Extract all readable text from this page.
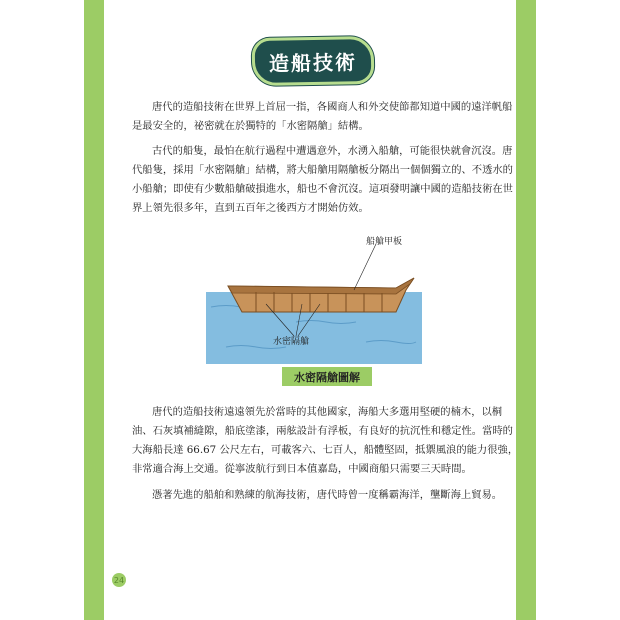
造船技術
唐代的造船技術在世界上首屈一指，各國商人和外交使節都知道中國的遠洋帆船
是最安全的，祕密就在於獨特的「水密隔艙」結構。
古代的船隻，最怕在航行過程中遭遇意外，水湧入船艙，可能很快就會沉沒。唐
代船隻，採用「水密隔艙」結構，將大船艙用隔艙板分隔出一個個獨立的、不透水的
小船艙；即使有少數船艙破損進水，船也不會沉沒。這項發明讓中國的造船技術在世
界上領先很多年，直到五百年之後西方才開始仿效。
船艙甲板
水密隔艙
水密隔艙圖解
唐代的造船技術遠遠領先於當時的其他國家，海船大多選用堅硬的楠木，以桐
油、石灰填補縫隙，船底塗漆，兩舷設計有浮板，有良好的抗沉性和穩定性。當時的
大海船長達 66.67 公尺左右，可載客六、七百人，船體堅固，抵禦風浪的能力很強，
非常適合海上交通。從寧波航行到日本值嘉島，中國商船只需要三天時間。
憑著先進的船舶和熟練的航海技術，唐代時曾一度稱霸海洋，壟斷海上貿易。
24
